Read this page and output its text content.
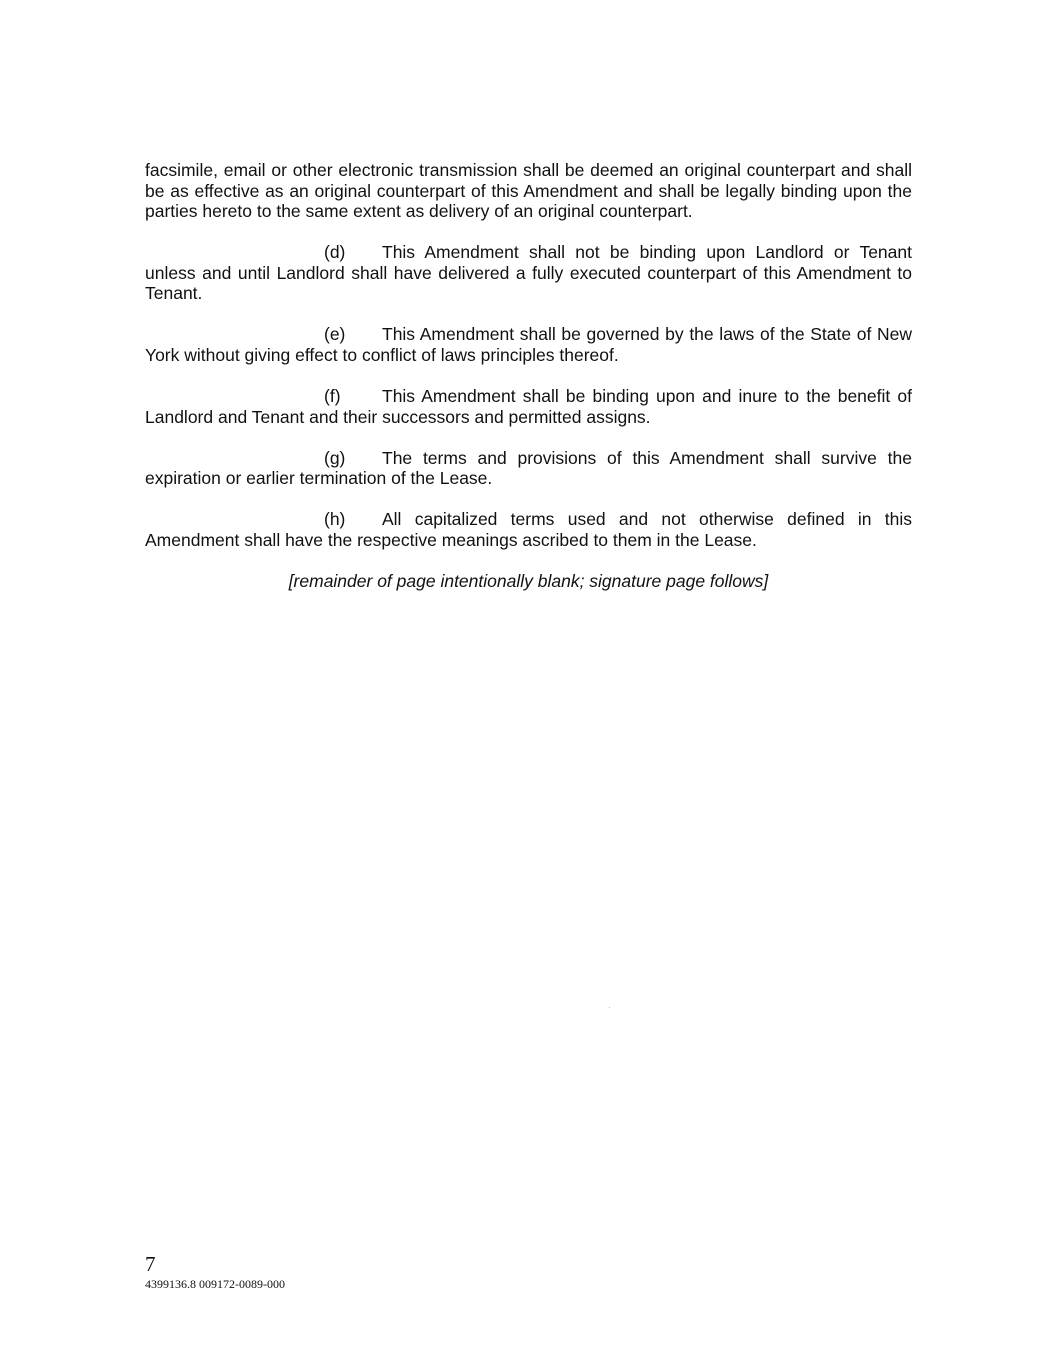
facsimile, email or other electronic transmission shall be deemed an original counterpart and shall be as effective as an original counterpart of this Amendment and shall be legally binding upon the parties hereto to the same extent as delivery of an original counterpart.

(d) This Amendment shall not be binding upon Landlord or Tenant unless and until Landlord shall have delivered a fully executed counterpart of this Amendment to Tenant.

(e) This Amendment shall be governed by the laws of the State of New York without giving effect to conflict of laws principles thereof.

(f) This Amendment shall be binding upon and inure to the benefit of Landlord and Tenant and their successors and permitted assigns.

(g) The terms and provisions of this Amendment shall survive the expiration or earlier termination of the Lease.

(h) All capitalized terms used and not otherwise defined in this Amendment shall have the respective meanings ascribed to them in the Lease.

[remainder of page intentionally blank; signature page follows]

7
4399136.8 009172-0089-000
